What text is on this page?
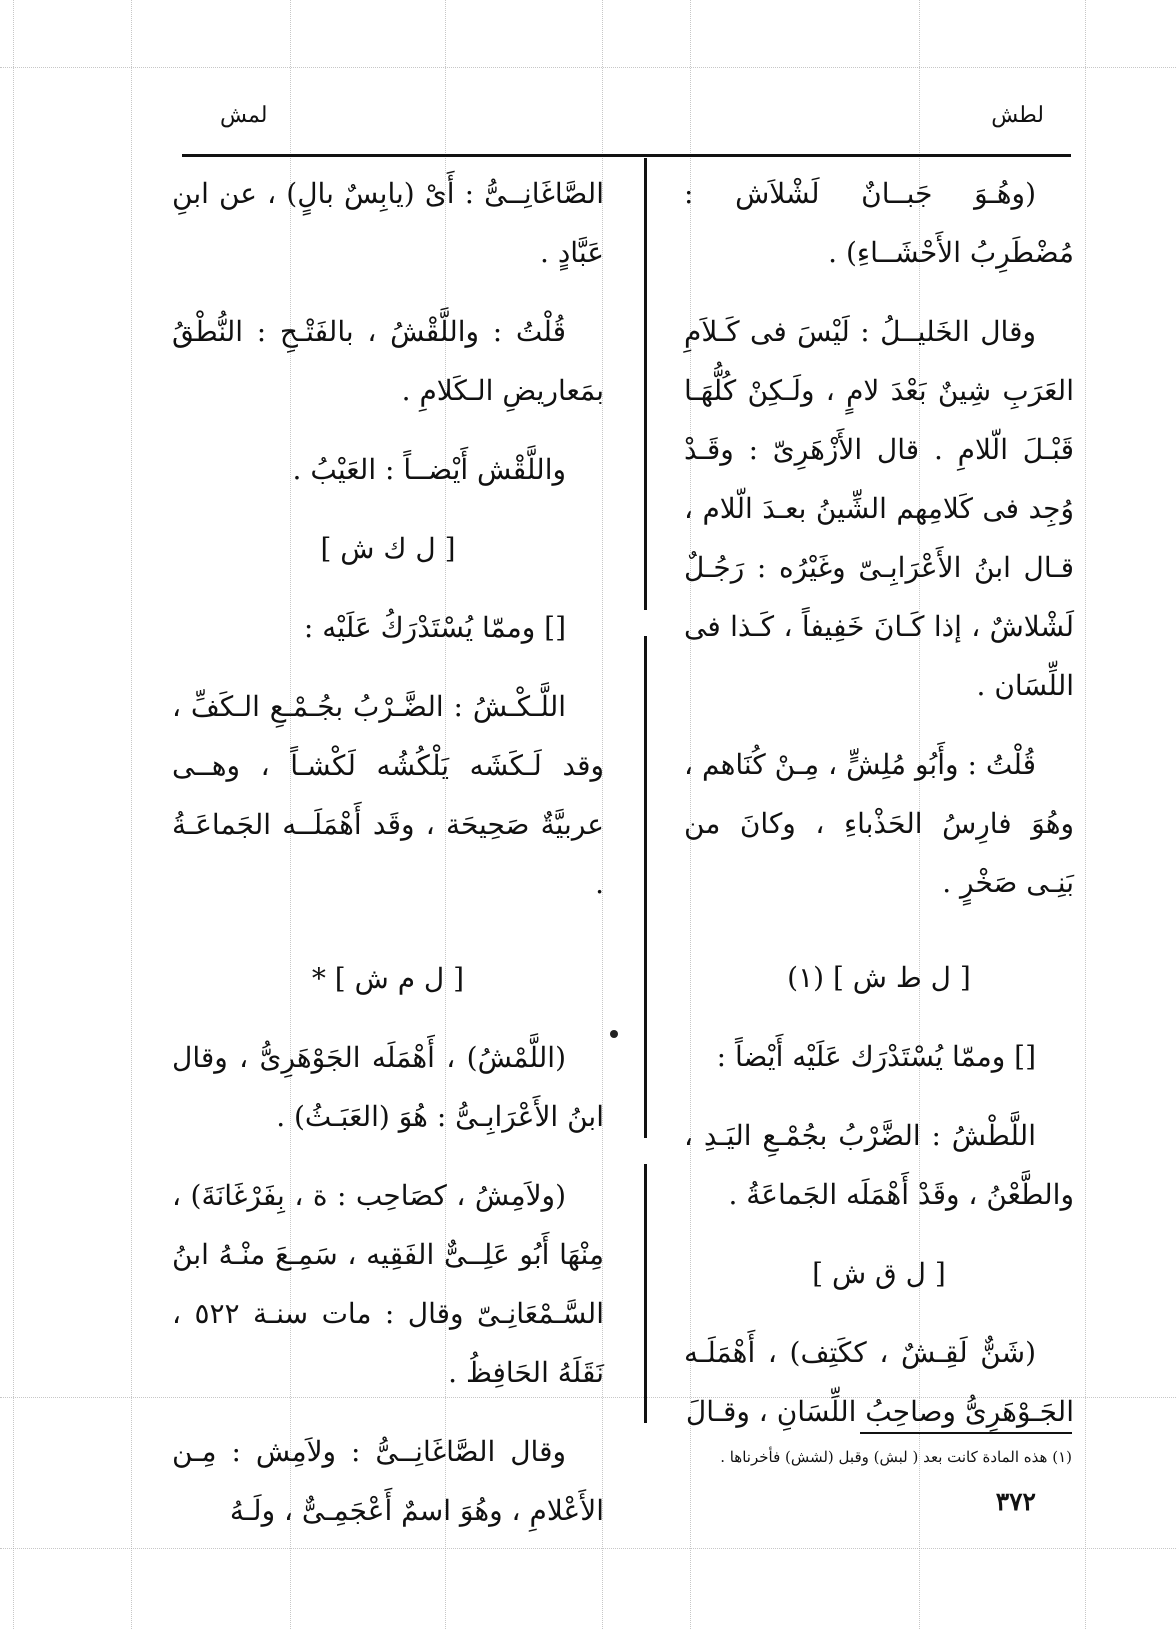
لطش
لمش

(وهُـوَ جَبــانٌ لَشْلاَش : مُضْطَرِبُ الأَحْشَــاءِ) .

وقال الخَليــلُ : لَيْسَ فى كَـلاَمِ العَرَبِ شِينٌ بَعْدَ لامٍ ، ولَـكِنْ كُلُّهَـا قَبْـلَ الّلامِ . قال الأَزْهَرِىّ : وقَـدْ وُجِد فى كَلامِهم الشِّينُ بعـدَ الّلام ، قـال ابنُ الأَعْرَابِـىّ وغَيْرُه : رَجُـلٌ لَشْلاشٌ ، إذا كَـانَ خَفِيفاً ، كَـذا فى اللِّسَان .

قُلْتُ : وأَبُو مُلِشٍّ ، مِـنْ كُنَاهم ، وهُوَ فارِسُ الحَذْباءِ ، وكانَ من بَنِـى صَخْرٍ .

[ ل ط ش ] (١)

[] وممّا يُسْتَدْرَك عَلَيْه أَيْضاً :

اللَّطْشُ : الضَّرْبُ بجُمْـعِ اليَـدِ ، والطَّعْنُ ، وقَدْ أَهْمَلَه الجَماعَةُ .

[ ل ق ش ]

(شَنٌّ لَقِـشٌ ، ككَتِف) ، أَهْمَلَـه الجَـوْهَرِىُّ وصاحِبُ اللِّسَانِ ، وقـالَ

الصَّاغَانِــىُّ : أَىْ (يابِسٌ بالٍ) ، عن ابنِ عَبَّادٍ .

قُلْتُ : واللَّقْشُ ، بالفَتْـحِ : النُّطْقُ بمَعاريضِ الـكَلامِ .

واللَّقْش أَيْضــاً : العَيْبُ .

[ ل ك ش ]

[] وممّا يُسْتَدْرَكُ عَلَيْه :

اللَّـكْـشُ : الضَّـرْبُ بجُـمْـعِ الـكَفِّ ، وقد لَـكَشَه يَلْكُشُه لَكْشـاً ، وهــى عربيَّةٌ صَحِيحَة ، وقَد أَهْمَلَــه الجَماعَـةُ .

[ ل م ش ] *

(اللَّمْشُ) ، أَهْمَلَه الجَوْهَرِىُّ ، وقال ابنُ الأَعْرَابِـىُّ : هُوَ (العَبَـثُ) .

(ولاَمِشُ ، كصَاحِب : ة ، بِفَرْغَانَةَ) ، مِنْهَا أَبُو عَلِــىٌّ الفَقِيه ، سَمِـعَ منْـهُ ابنُ السَّـمْعَانِـىّ وقال : مات سنـة ٥٢٢ ، نَقَلَهُ الحَافِظُ .

وقال الصَّاغَانِــىُّ : ولاَمِش : مِـن الأَعْلامِ ، وهُوَ اسمٌ أَعْجَمِـىٌّ ، ولَـهُ

(١) هذه المادة كانت بعد ( لبش) وقبل (لشش) فأخرناها .
٣٧٢
